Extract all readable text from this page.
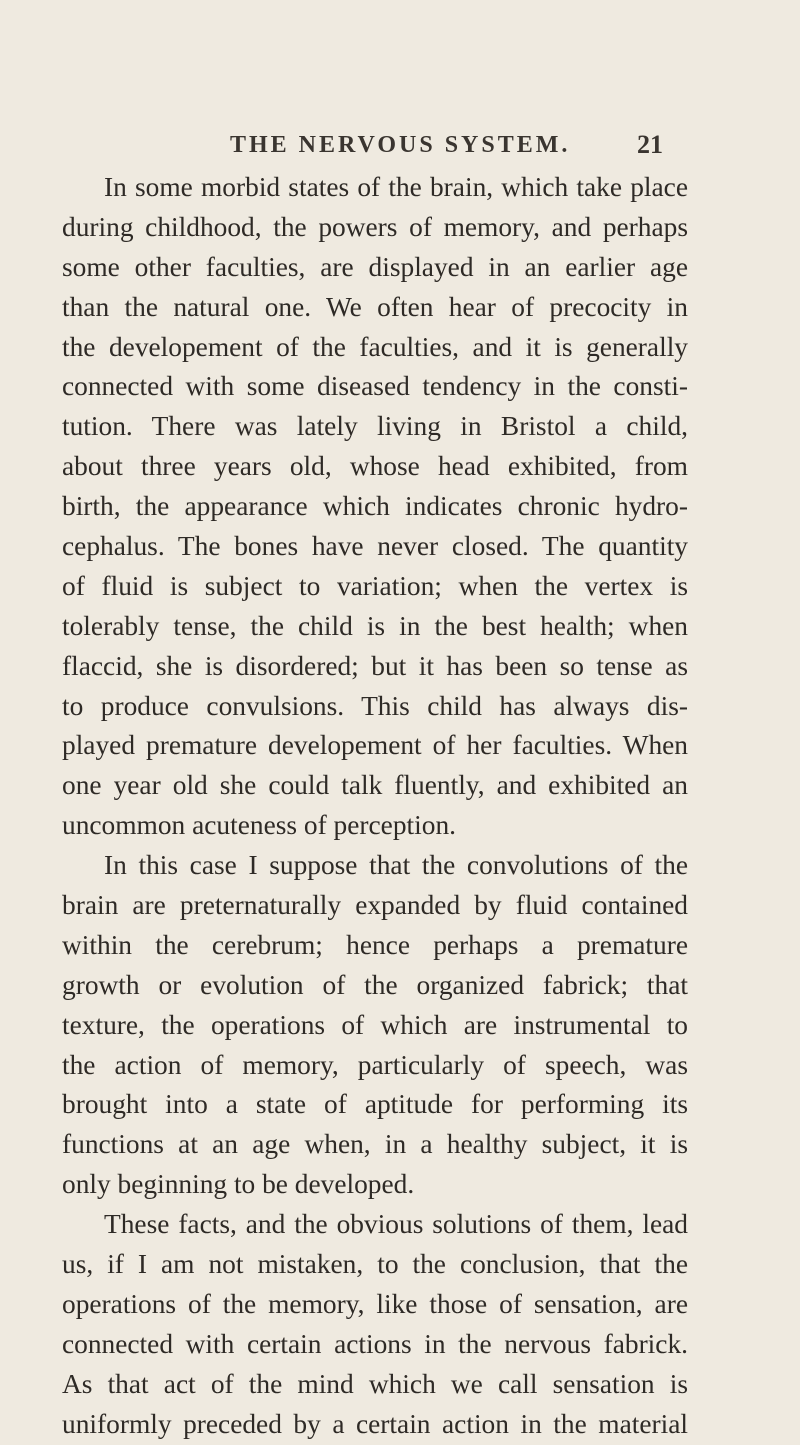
THE NERVOUS SYSTEM.	21
In some morbid states of the brain, which take place
during childhood, the powers of memory, and perhaps
some other faculties, are displayed in an earlier age
than the natural one. We often hear of precocity in
the developement of the faculties, and it is generally
connected with some diseased tendency in the consti-
tution. There was lately living in Bristol a child,
about three years old, whose head exhibited, from
birth, the appearance which indicates chronic hydro-
cephalus. The bones have never closed. The quantity
of fluid is subject to variation; when the vertex is
tolerably tense, the child is in the best health; when
flaccid, she is disordered; but it has been so tense as
to produce convulsions. This child has always dis-
played premature developement of her faculties. When
one year old she could talk fluently, and exhibited an
uncommon acuteness of perception.
In this case I suppose that the convolutions of the
brain are preternaturally expanded by fluid contained
within the cerebrum; hence perhaps a premature
growth or evolution of the organized fabrick; that
texture, the operations of which are instrumental to
the action of memory, particularly of speech, was
brought into a state of aptitude for performing its
functions at an age when, in a healthy subject, it is
only beginning to be developed.
These facts, and the obvious solutions of them, lead
us, if I am not mistaken, to the conclusion, that the
operations of the memory, like those of sensation, are
connected with certain actions in the nervous fabrick.
As that act of the mind which we call sensation is
uniformly preceded by a certain action in the material
